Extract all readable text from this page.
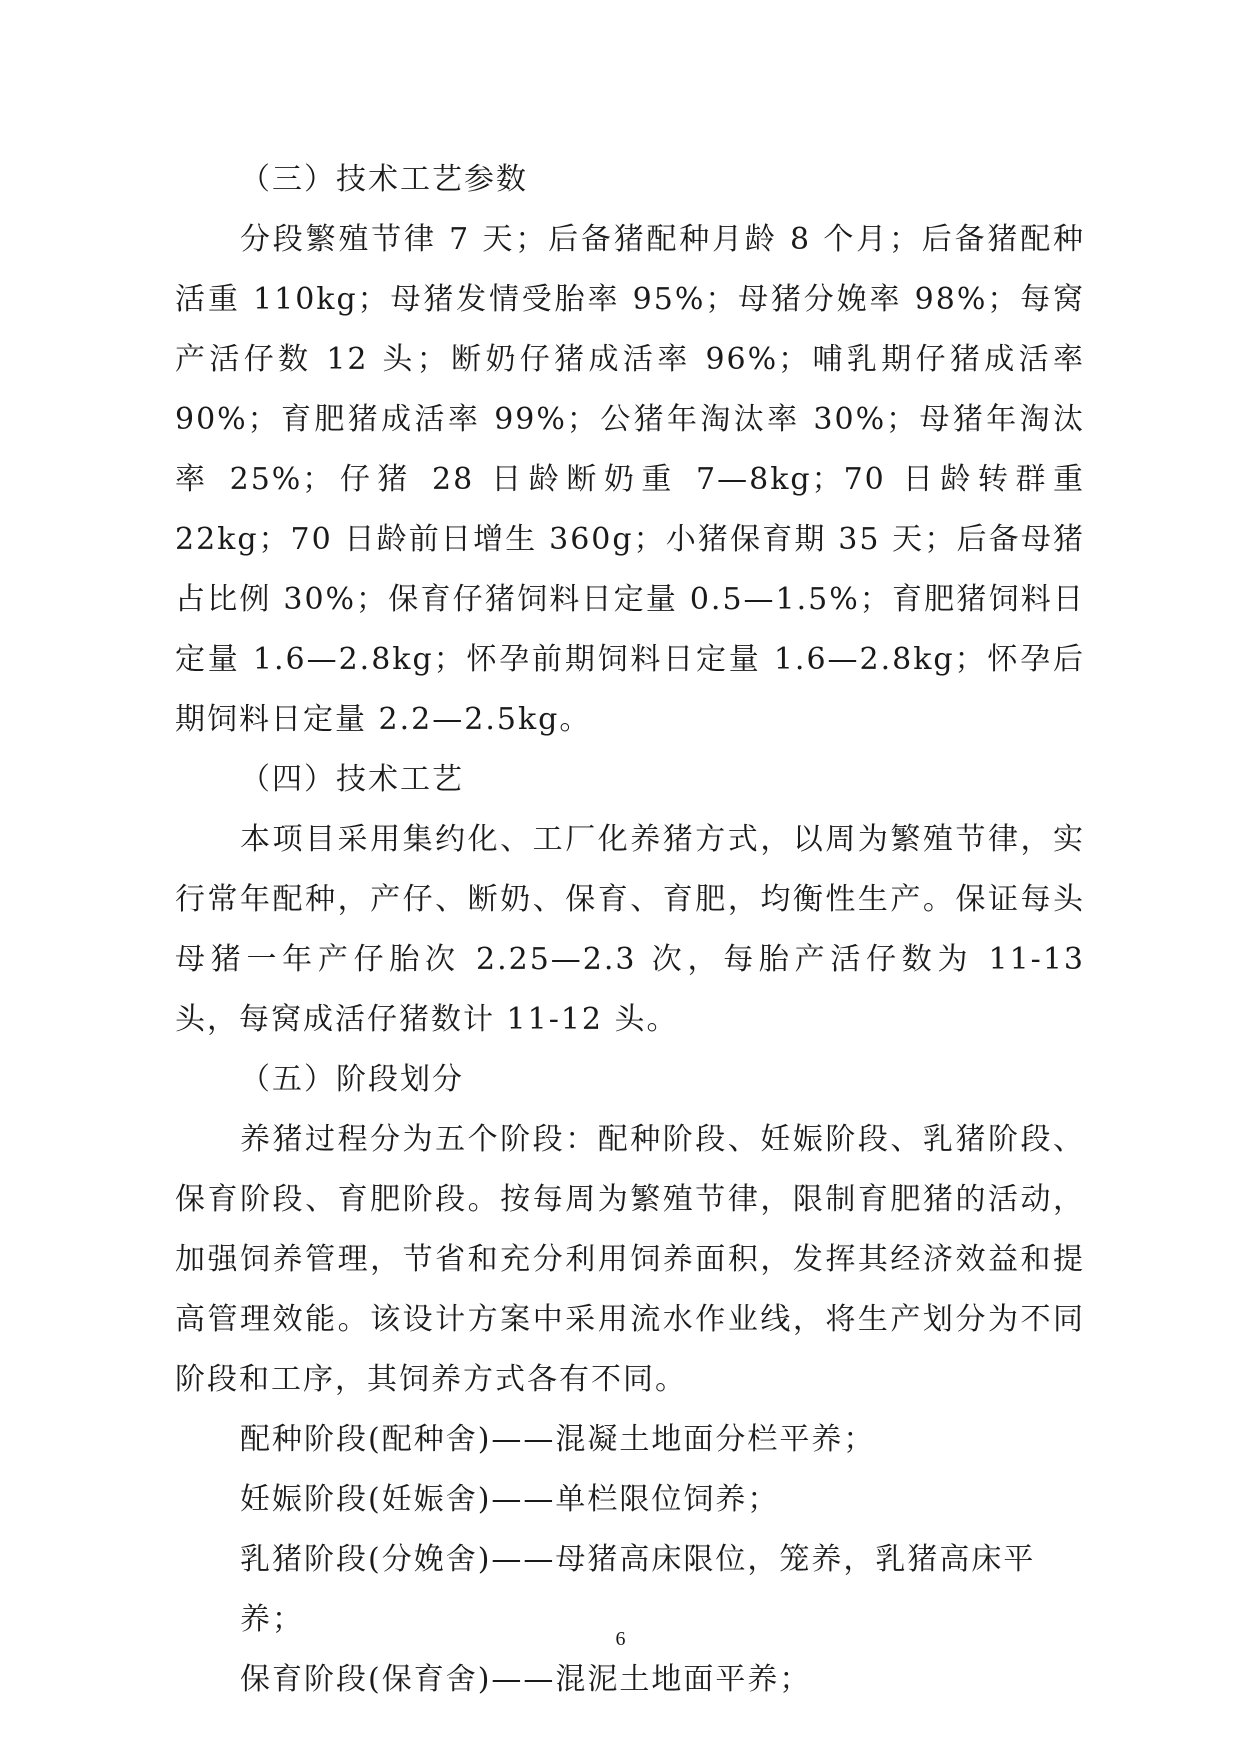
（三）技术工艺参数

分段繁殖节律 7 天；后备猪配种月龄 8 个月；后备猪配种活重 110kg；母猪发情受胎率 95%；母猪分娩率 98%；每窝产活仔数 12 头；断奶仔猪成活率 96%；哺乳期仔猪成活率 90%；育肥猪成活率 99%；公猪年淘汰率 30%；母猪年淘汰率 25%；仔猪 28 日龄断奶重 7—8kg；70 日龄转群重 22kg；70 日龄前日增生 360g；小猪保育期 35 天；后备母猪占比例 30%；保育仔猪饲料日定量 0.5—1.5%；育肥猪饲料日定量 1.6—2.8kg；怀孕前期饲料日定量 1.6—2.8kg；怀孕后期饲料日定量 2.2—2.5kg。

（四）技术工艺

本项目采用集约化、工厂化养猪方式，以周为繁殖节律，实行常年配种，产仔、断奶、保育、育肥，均衡性生产。保证每头母猪一年产仔胎次 2.25—2.3 次，每胎产活仔数为 11-13 头，每窝成活仔猪数计 11-12 头。

（五）阶段划分

养猪过程分为五个阶段：配种阶段、妊娠阶段、乳猪阶段、保育阶段、育肥阶段。按每周为繁殖节律，限制育肥猪的活动，加强饲养管理，节省和充分利用饲养面积，发挥其经济效益和提高管理效能。该设计方案中采用流水作业线，将生产划分为不同阶段和工序，其饲养方式各有不同。

配种阶段(配种舍)——混凝土地面分栏平养；

妊娠阶段(妊娠舍)——单栏限位饲养；

乳猪阶段(分娩舍)——母猪高床限位，笼养，乳猪高床平养；

保育阶段(保育舍)——混泥土地面平养；

6
